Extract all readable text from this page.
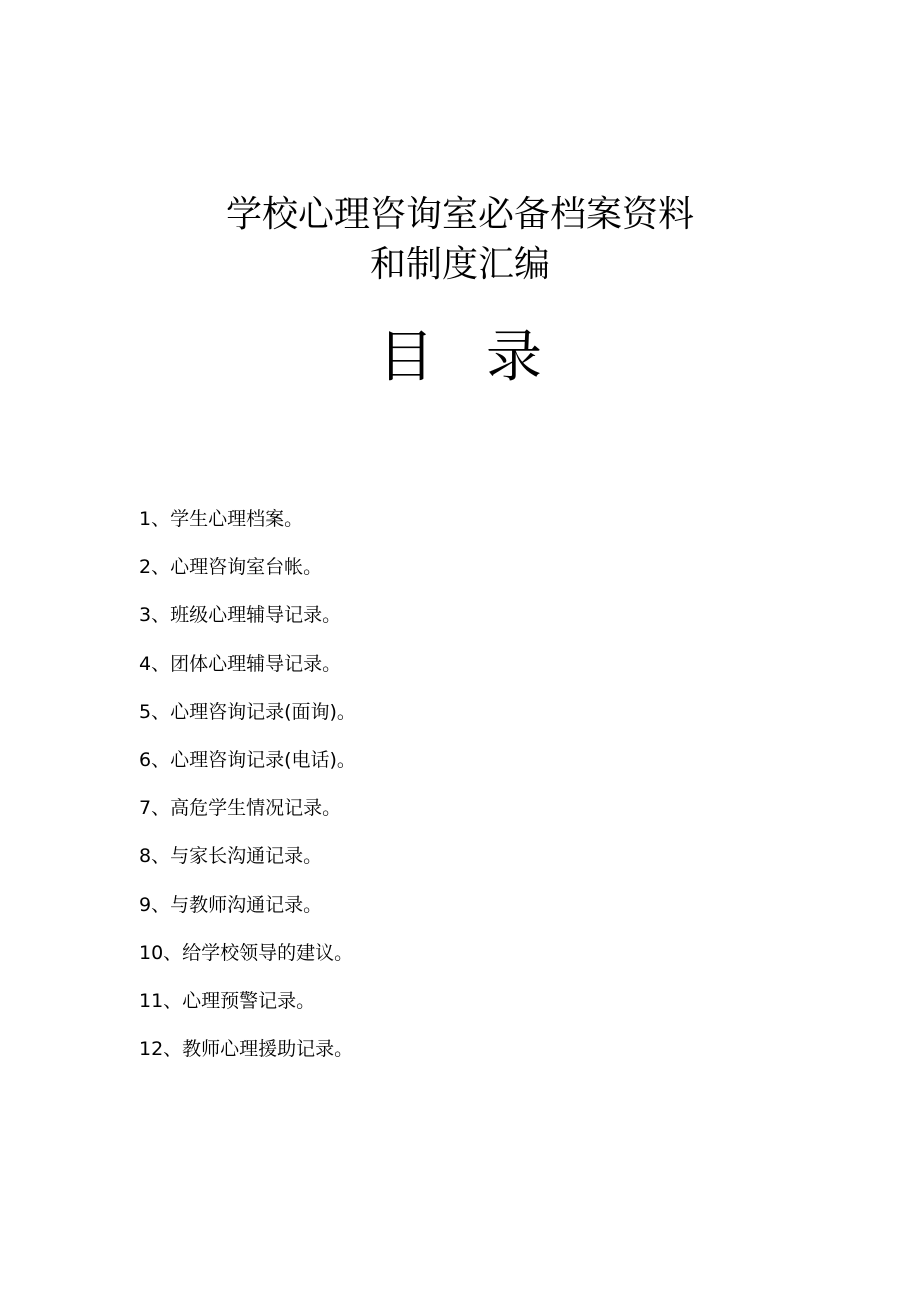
学校心理咨询室必备档案资料
和制度汇编
目 录
1、学生心理档案。
2、心理咨询室台帐。
3、班级心理辅导记录。
4、团体心理辅导记录。
5、心理咨询记录(面询)。
6、心理咨询记录(电话)。
7、高危学生情况记录。
8、与家长沟通记录。
9、与教师沟通记录。
10、给学校领导的建议。
11、心理预警记录。
12、教师心理援助记录。
